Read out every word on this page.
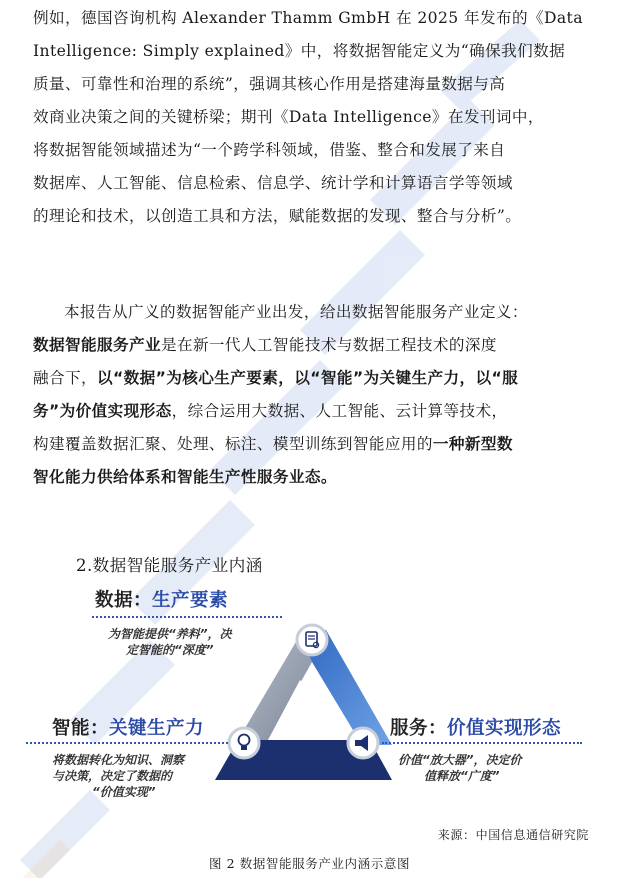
例如，德国咨询机构 Alexander Thamm GmbH 在 2025 年发布的《Data
Intelligence: Simply explained》中，将数据智能定义为“确保我们数据
质量、可靠性和治理的系统”，强调其核心作用是搭建海量数据与高
效商业决策之间的关键桥梁；期刊《Data Intelligence》在发刊词中，
将数据智能领域描述为“一个跨学科领域，借鉴、整合和发展了来自
数据库、人工智能、信息检索、信息学、统计学和计算语言学等领域
的理论和技术，以创造工具和方法，赋能数据的发现、整合与分析”。

本报告从广义的数据智能产业出发，给出数据智能服务产业定义：
数据智能服务产业是在新一代人工智能技术与数据工程技术的深度
融合下，以“数据”为核心生产要素，以“智能”为关键生产力，以“服
务”为价值实现形态，综合运用大数据、人工智能、云计算等技术，
构建覆盖数据汇聚、处理、标注、模型训练到智能应用的一种新型数
智化能力供给体系和智能生产性服务业态。

2.数据智能服务产业内涵
数据：生产要素
为智能提供“养料”，决
定智能的“深度”
智能：关键生产力
将数据转化为知识、洞察
与决策，决定了数据的
“价值实现”
服务：价值实现形态
价值“放大器”，决定价
值释放“广度”

来源：中国信息通信研究院

图 2 数据智能服务产业内涵示意图
